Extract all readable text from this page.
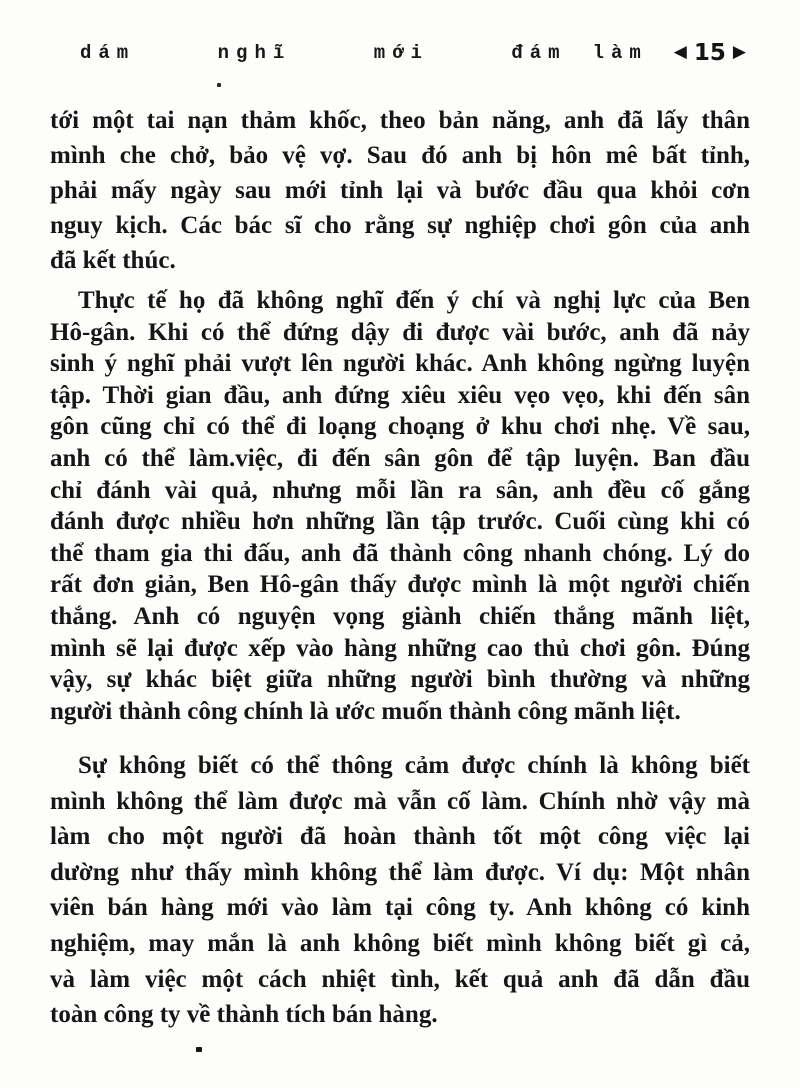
dám	nghĩ	mới	đám làm ◀ 15 ▶
tới một tai nạn thảm khốc, theo bản năng, anh đã lấy thân
mình che chở, bảo vệ vợ. Sau đó anh bị hôn mê bất tỉnh,
phải mấy ngày sau mới tỉnh lại và bước đầu qua khỏi cơn
nguy kịch. Các bác sĩ cho rằng sự nghiệp chơi gôn của anh
đã kết thúc.
Thực tế họ đã không nghĩ đến ý chí và nghị lực của Ben
Hô-gân. Khi có thể đứng dậy đi được vài bước, anh đã nảy
sinh ý nghĩ phải vượt lên người khác. Anh không ngừng luyện
tập. Thời gian đầu, anh đứng xiêu xiêu vẹo vẹo, khi đến sân
gôn cũng chỉ có thể đi loạng choạng ở khu chơi nhẹ. Về sau,
anh có thể làm.việc, đi đến sân gôn để tập luyện. Ban đầu
chỉ đánh vài quả, nhưng mỗi lần ra sân, anh đều cố gắng
đánh được nhiều hơn những lần tập trước. Cuối cùng khi có
thể tham gia thi đấu, anh đã thành công nhanh chóng. Lý do
rất đơn giản, Ben Hô-gân thấy được mình là một người chiến
thắng. Anh có nguyện vọng giành chiến thắng mãnh liệt,
mình sẽ lại được xếp vào hàng những cao thủ chơi gôn. Đúng
vậy, sự khác biệt giữa những người bình thường và những
người thành công chính là ước muốn thành công mãnh liệt.
Sự không biết có thể thông cảm được chính là không biết
mình không thể làm được mà vẫn cố làm. Chính nhờ vậy mà
làm cho một người đã hoàn thành tốt một công việc lại
dường như thấy mình không thể làm được. Ví dụ: Một nhân
viên bán hàng mới vào làm tại công ty. Anh không có kinh
nghiệm, may mắn là anh không biết mình không biết gì cả,
và làm việc một cách nhiệt tình, kết quả anh đã dẫn đầu
toàn công ty về thành tích bán hàng.
